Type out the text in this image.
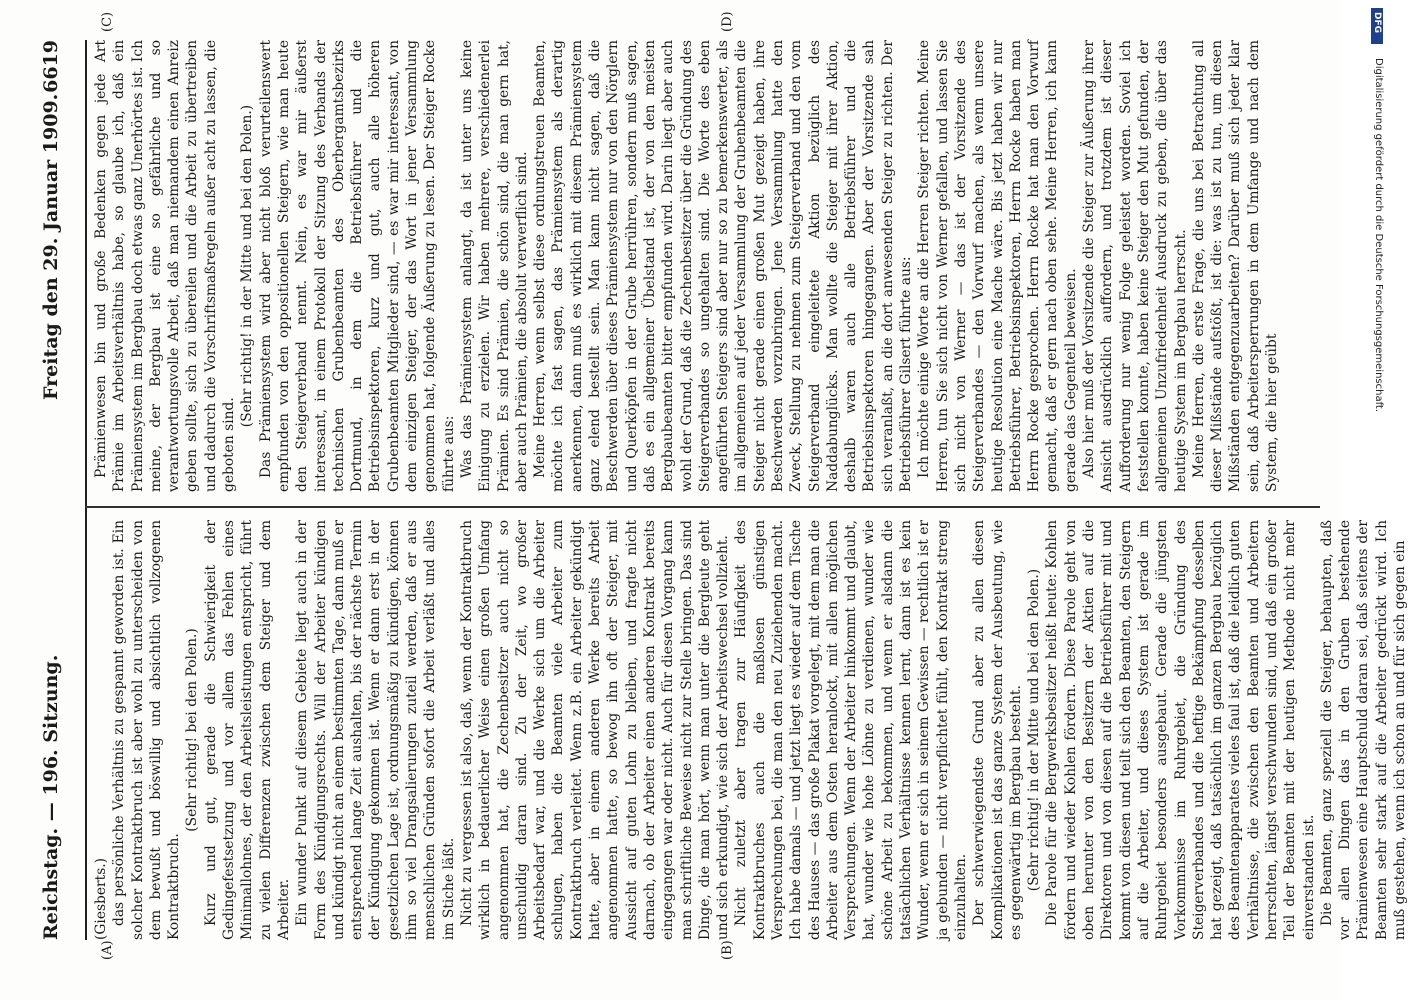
Reichstag. — 196. Sitzung.
Freitag den 29. Januar 1909.
6619
(A)	(B)
(C)	(D)

(Giesberts.) das persönliche Verhältnis zu gespannt geworden ist. Ein solcher Kontraktbruch ist aber wohl zu unterscheiden von dem bewußt und böswillig und absichtlich vollzogenen Kontraktbruch.

(Sehr richtig! bei den Polen.) Kurz und gut, gerade die Schwierigkeit der Gedingefestsetzung und vor allem das Fehlen eines Minimallohnes, der den Arbeitsleistungen entspricht, führt zu vielen Differenzen zwischen dem Steiger und dem Arbeiter. Ein wunder Punkt auf diesem Gebiete liegt auch in der Form des Kündigungsrechts. Will der Arbeiter kündigen und kündigt nicht an einem bestimmten Tage, dann muß er entsprechend lange Zeit aushalten, bis der nächste Termin der Kündigung gekommen ist. Wenn er dann erst in der gesetzlichen Lage ist, ordnungsmäßig zu kündigen, können ihm so viel Drangsalierungen zuteil werden, daß er aus menschlichen Gründen sofort die Arbeit verläßt und alles im Stiche läßt. Nicht zu vergessen ist also, daß, wenn der Kontraktbruch wirklich in bedauerlicher Weise einen großen Umfang angenommen hat, die Zechenbesitzer auch nicht so unschuldig daran sind. Zu der Zeit, wo großer Arbeitsbedarf war, und die Werke sich um die Arbeiter schlugen, haben die Beamten viele Arbeiter zum Kontraktbruch verleitet. Wenn z.B. ein Arbeiter gekündigt hatte, aber in einem anderen Werke bereits Arbeit angenommen hatte, so bewog ihn oft der Steiger, mit Aussicht auf guten Lohn zu bleiben, und fragte nicht darnach, ob der Arbeiter einen anderen Kontrakt bereits eingegangen war oder nicht. Auch für diesen Vorgang kann man schriftliche Beweise nicht zur Stelle bringen. Das sind Dinge, die man hört, wenn man unter die Bergleute geht und sich erkundigt, wie sich der Arbeitswechsel vollzieht. Nicht zuletzt aber tragen zur Häufigkeit des Kontraktbruches auch die maßlosen günstigen Versprechungen bei, die man den neu Zuziehenden macht. Ich habe damals — und jetzt liegt es wieder auf dem Tische des Hauses — das große Plakat vorgelegt, mit dem man die Arbeiter aus dem Osten heranlockt, mit allen möglichen Versprechungen. Wenn der Arbeiter hinkommt und glaubt, hat, wunder wie hohe Löhne zu verdienen, wunder wie schöne Arbeit zu bekommen, und wenn er alsdann die tatsächlichen Verhältnisse kennen lernt, dann ist es kein Wunder, wenn er sich in seinem Gewissen — rechtlich ist er ja gebunden — nicht verpflichtet fühlt, den Kontrakt streng einzuhalten. Der schwerwiegendste Grund aber zu allen diesen Komplikationen ist das ganze System der Ausbeutung, wie es gegenwärtig im Bergbau besteht. (Sehr richtig! in der Mitte und bei den Polen.) Die Parole für die Bergwerksbesitzer heißt heute: Kohlen fördern und wieder Kohlen fördern. Diese Parole geht von oben herunter von den Besitzern der Aktien auf die Direktoren und von diesen auf die Betriebsführer mit und kommt von diesen und teilt sich den Beamten, den Steigern auf die Arbeiter, und dieses System ist gerade im Ruhrgebiet besonders ausgebaut. Gerade die jüngsten Vorkommnisse im Ruhrgebiet, die Gründung des Steigerverbandes und die heftige Bekämpfung desselben hat gezeigt, daß tatsächlich im ganzen Bergbau bezüglich des Beamtenapparates vieles faul ist, daß die leidlich guten Verhältnisse, die zwischen den Beamten und Arbeitern herrschten, längst verschwunden sind, und daß ein großer Teil der Beamten mit der heutigen Methode nicht mehr einverstanden ist. Die Beamten, ganz speziell die Steiger, behaupten, daß vor allen Dingen das in den Gruben bestehende Prämienwesen eine Hauptschuld daran sei, daß seitens der Beamten sehr stark auf die Arbeiter gedrückt wird. Ich muß gestehen, wenn ich schon an und für sich gegen ein

Prämienwesen bin und große Bedenken gegen jede Art Prämie im Arbeitsverhältnis habe, so glaube ich, daß ein Prämiensystem im Bergbau doch etwas ganz Unerhörtes ist. Ich meine, der Bergbau ist eine so gefährliche und so verantwortungsvolle Arbeit, daß man niemandem einen Anreiz geben sollte, sich zu übereilen und die Arbeit zu übertreiben und dadurch die Vorschriftsmaßregeln außer acht zu lassen, die geboten sind.

(Sehr richtig! in der Mitte und bei den Polen.) Das Prämiensystem wird aber nicht bloß verurteilenswert empfunden von den oppositionellen Steigern, wie man heute den Steigerverband nennt. Nein, es war mir äußerst interessant, in einem Protokoll der Sitzung des Verbands der technischen Grubenbeamten des Oberbergamtsbezirks Dortmund, in dem die Betriebsführer und die Betriebsinspektoren, kurz und gut, auch alle höheren Grubenbeamten Mitglieder sind, — es war mir interessant, von dem einzigen Steiger, der das Wort in jener Versammlung genommen hat, folgende Äußerung zu lesen. Der Steiger Rocke führte aus: Was das Prämiensystem anlangt, da ist unter uns keine Einigung zu erzielen. Wir haben mehrere, verschiedenerlei Prämien. Es sind Prämien, die schön sind, die man gern hat, aber auch Prämien, die absolut verwerflich sind. Meine Herren, wenn selbst diese ordnungstreuen Beamten, möchte ich fast sagen, das Prämiensystem als derartig anerkennen, dann muß es wirklich mit diesem Prämiensystem ganz elend bestellt sein. Man kann nicht sagen, daß die Beschwerden über dieses Prämiensystem nur von den Nörglern und Querköpfen in der Grube herrühren, sondern muß sagen, daß es ein allgemeiner Übelstand ist, der von den meisten Bergbaubeamten bitter empfunden wird. Darin liegt aber auch wohl der Grund, daß die Zechenbesitzer über die Gründung des Steigerverbandes so ungehalten sind. Die Worte des eben angeführten Steigers sind aber nur so zu bemerkenswerter, als im allgemeinen auf jeder Versammlung der Grubenbeamten die Steiger nicht gerade einen großen Mut gezeigt haben, ihre Beschwerden vorzubringen. Jene Versammlung hatte den Zweck, Stellung zu nehmen zum Steigerverband und den vom Steigerverband eingeleitete Aktion bezüglich des Naddabunglücks. Man wollte die Steiger mit ihrer Aktion, deshalb waren auch alle Betriebsführer und die Betriebsinspektoren hingegangen. Aber der Vorsitzende sah sich veranlaßt, an die dort anwesenden Steiger zu richten. Der Betriebsführer Gilsert führte aus: Ich möchte einige Worte an die Herren Steiger richten. Meine Herren, tun Sie sich nicht von Werner gefallen, und lassen Sie sich nicht von Werner — das ist der Vorsitzende des Steigerverbandes — den Vorwurf machen, als wenn unsere heutige Resolution eine Mache wäre. Bis jetzt haben wir nur Betriebsführer, Betriebsinspektoren, Herrn Rocke haben man Herrn Rocke gesprochen. Herrn Rocke hat man den Vorwurf gemacht, daß er gern nach oben sehe. Meine Herren, ich kann gerade das Gegenteil beweisen. Also hier muß der Vorsitzende die Steiger zur Äußerung ihrer Ansicht ausdrücklich auffordern, und trotzdem ist dieser Aufforderung nur wenig Folge geleistet worden. Soviel ich feststellen konnte, haben keine Steiger den Mut gefunden, der allgemeinen Unzufriedenheit Ausdruck zu geben, die über das heutige System im Bergbau herrscht. Meine Herren, die erste Frage, die uns bei Betrachtung all dieser Mißstände aufstößt, ist die: was ist zu tun, um diesen Mißständen entgegenzuarbeiten? Darüber muß sich jeder klar sein, daß Arbeitersperrungen in dem Umfange und nach dem System, die hier geübt

DFG
Digitalisierung gefördert durch die Deutsche Forschungsgemeinschaft.
